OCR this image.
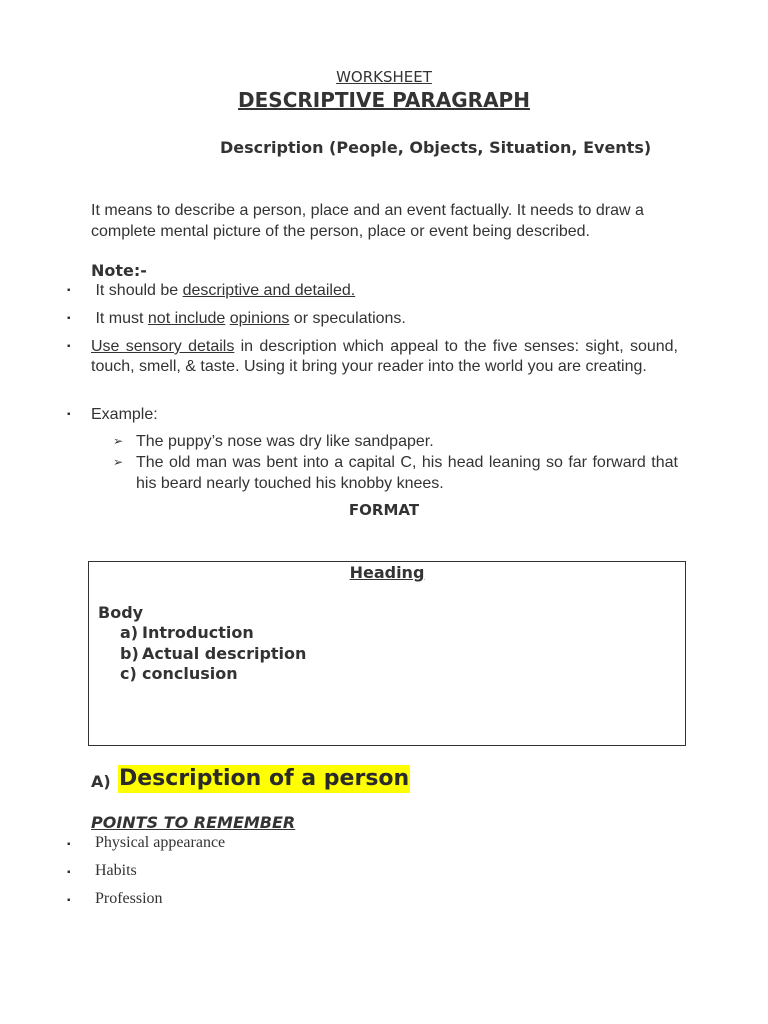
WORKSHEET
DESCRIPTIVE PARAGRAPH
Description (People, Objects, Situation, Events)
It means to describe a person, place and an event factually. It needs to draw a complete mental picture of the person, place or event being described.
Note:-
▪ It should be descriptive and detailed.
▪ It must not include opinions or speculations.
▪ Use sensory details in description which appeal to the five senses: sight, sound, touch, smell, & taste. Using it bring your reader into the world you are creating.
▪ Example:
➢ The puppy’s nose was dry like sandpaper.
➢ The old man was bent into a capital C, his head leaning so far forward that his beard nearly touched his knobby knees.
FORMAT
Heading
Body
a) Introduction
b) Actual description
c) conclusion
A) Description of a person
POINTS TO REMEMBER
▪ Physical appearance
▪ Habits
▪ Profession
